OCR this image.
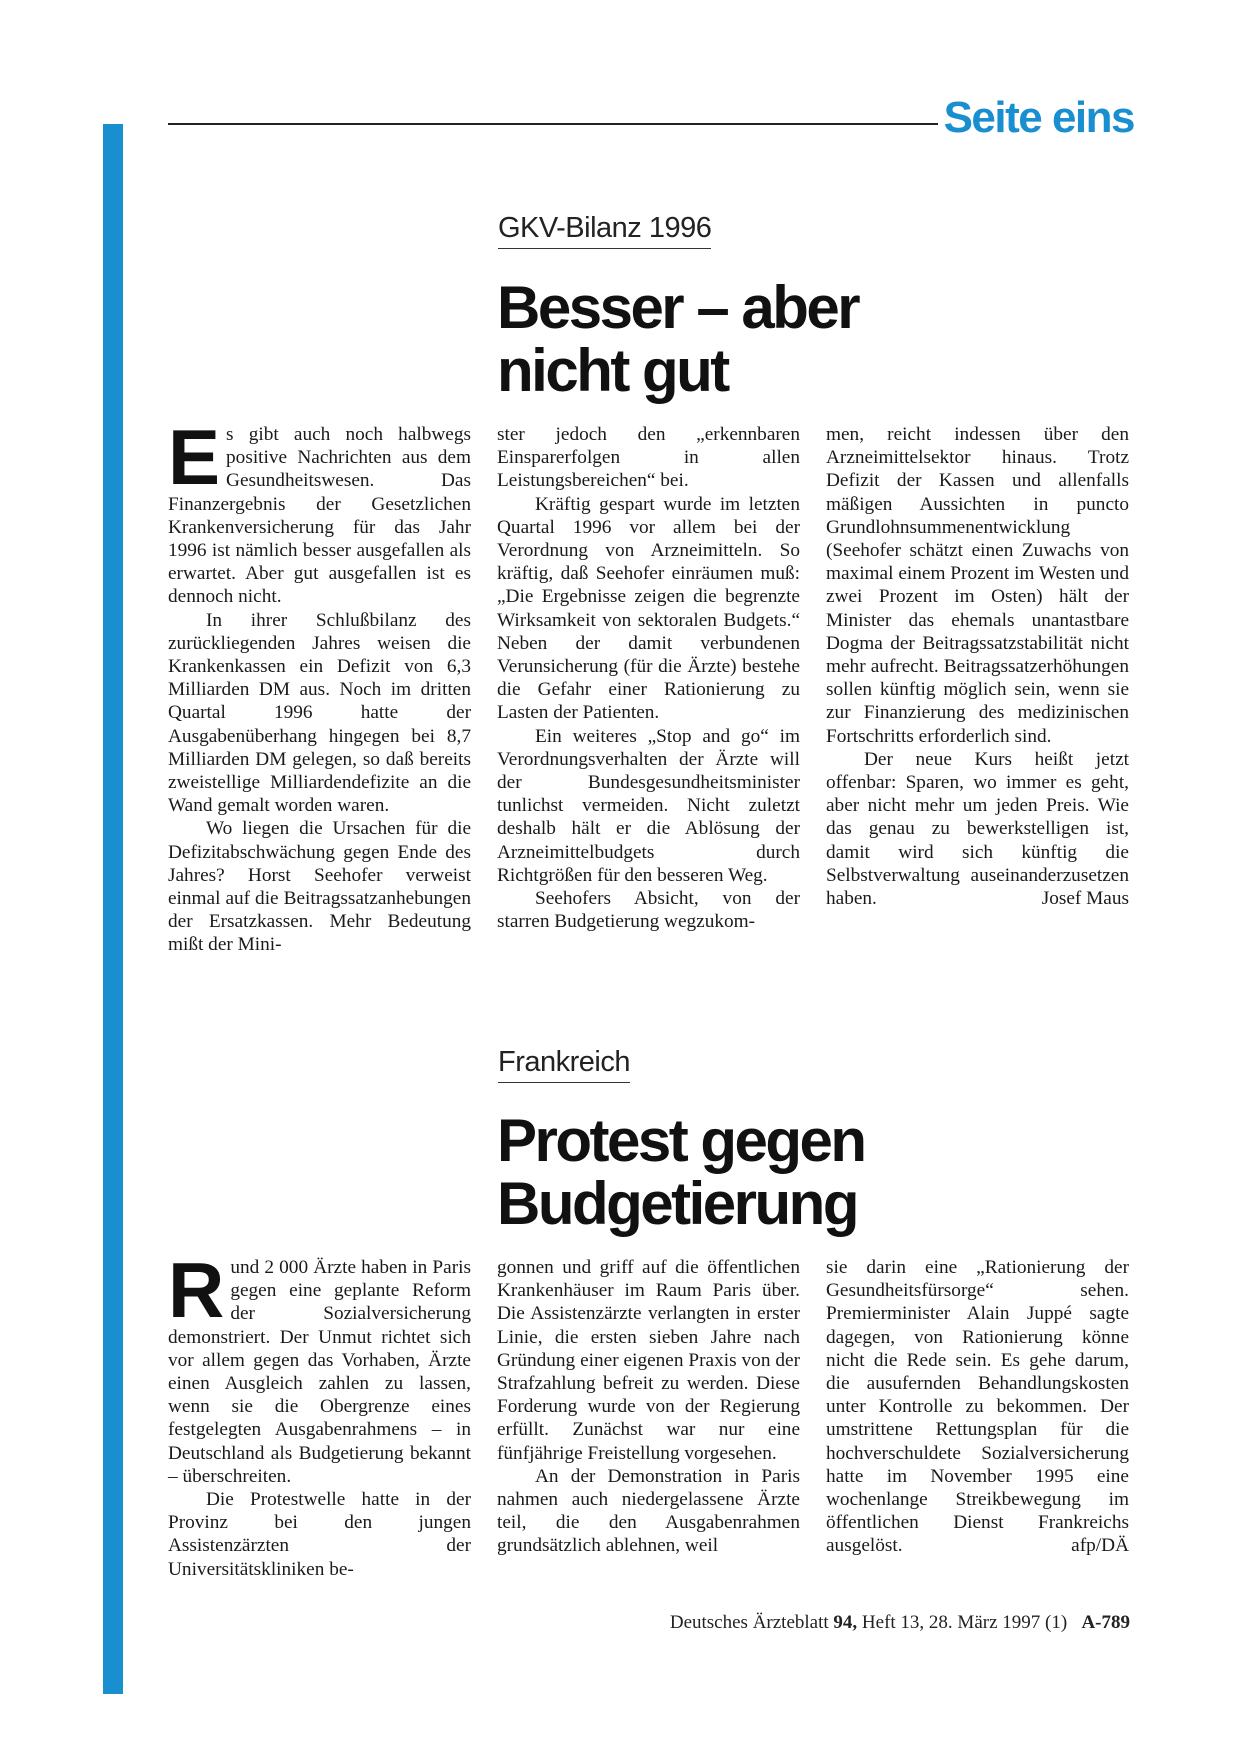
Seite eins
GKV-Bilanz 1996
Besser – aber
nicht gut

Es gibt auch noch halbwegs positive Nachrichten aus dem Gesundheitswesen. Das Finanzergebnis der Gesetzlichen Krankenversicherung für das Jahr 1996 ist nämlich besser ausgefallen als erwartet. Aber gut ausgefallen ist es dennoch nicht.

In ihrer Schlußbilanz des zurückliegenden Jahres weisen die Krankenkassen ein Defizit von 6,3 Milliarden DM aus. Noch im dritten Quartal 1996 hatte der Ausgabenüberhang hingegen bei 8,7 Milliarden DM gelegen, so daß bereits zweistellige Milliardendefizite an die Wand gemalt worden waren.

Wo liegen die Ursachen für die Defizitabschwächung gegen Ende des Jahres? Horst Seehofer verweist einmal auf die Beitragssatzanhebungen der Ersatzkassen. Mehr Bedeutung mißt der Mini-

ster jedoch den „erkennbaren Einsparerfolgen in allen Leistungsbereichen“ bei.

Kräftig gespart wurde im letzten Quartal 1996 vor allem bei der Verordnung von Arzneimitteln. So kräftig, daß Seehofer einräumen muß: „Die Ergebnisse zeigen die begrenzte Wirksamkeit von sektoralen Budgets.“ Neben der damit verbundenen Verunsicherung (für die Ärzte) bestehe die Gefahr einer Rationierung zu Lasten der Patienten.

Ein weiteres „Stop and go“ im Verordnungsverhalten der Ärzte will der Bundesgesundheitsminister tunlichst vermeiden. Nicht zuletzt deshalb hält er die Ablösung der Arzneimittelbudgets durch Richtgrößen für den besseren Weg.

Seehofers Absicht, von der starren Budgetierung wegzukom-

men, reicht indessen über den Arzneimittelsektor hinaus. Trotz Defizit der Kassen und allenfalls mäßigen Aussichten in puncto Grundlohnsummenentwicklung (Seehofer schätzt einen Zuwachs von maximal einem Prozent im Westen und zwei Prozent im Osten) hält der Minister das ehemals unantastbare Dogma der Beitragssatzstabilität nicht mehr aufrecht. Beitragssatzerhöhungen sollen künftig möglich sein, wenn sie zur Finanzierung des medizinischen Fortschritts erforderlich sind.

Der neue Kurs heißt jetzt offenbar: Sparen, wo immer es geht, aber nicht mehr um jeden Preis. Wie das genau zu bewerkstelligen ist, damit wird sich künftig die Selbstverwaltung auseinanderzusetzen haben.	Josef Maus

Frankreich
Protest gegen
Budgetierung

Rund 2 000 Ärzte haben in Paris gegen eine geplante Reform der Sozialversicherung demonstriert. Der Unmut richtet sich vor allem gegen das Vorhaben, Ärzte einen Ausgleich zahlen zu lassen, wenn sie die Obergrenze eines festgelegten Ausgabenrahmens – in Deutschland als Budgetierung bekannt – überschreiten.

Die Protestwelle hatte in der Provinz bei den jungen Assistenzärzten der Universitätskliniken be-

gonnen und griff auf die öffentlichen Krankenhäuser im Raum Paris über. Die Assistenzärzte verlangten in erster Linie, die ersten sieben Jahre nach Gründung einer eigenen Praxis von der Strafzahlung befreit zu werden. Diese Forderung wurde von der Regierung erfüllt. Zunächst war nur eine fünfjährige Freistellung vorgesehen.

An der Demonstration in Paris nahmen auch niedergelassene Ärzte teil, die den Ausgabenrahmen grundsätzlich ablehnen, weil

sie darin eine „Rationierung der Gesundheitsfürsorge“ sehen. Premierminister Alain Juppé sagte dagegen, von Rationierung könne nicht die Rede sein. Es gehe darum, die ausufernden Behandlungskosten unter Kontrolle zu bekommen. Der umstrittene Rettungsplan für die hochverschuldete Sozialversicherung hatte im November 1995 eine wochenlange Streikbewegung im öffentlichen Dienst Frankreichs ausgelöst.	afp/DÄ

Deutsches Ärzteblatt 94, Heft 13, 28. März 1997 (1) A-789
